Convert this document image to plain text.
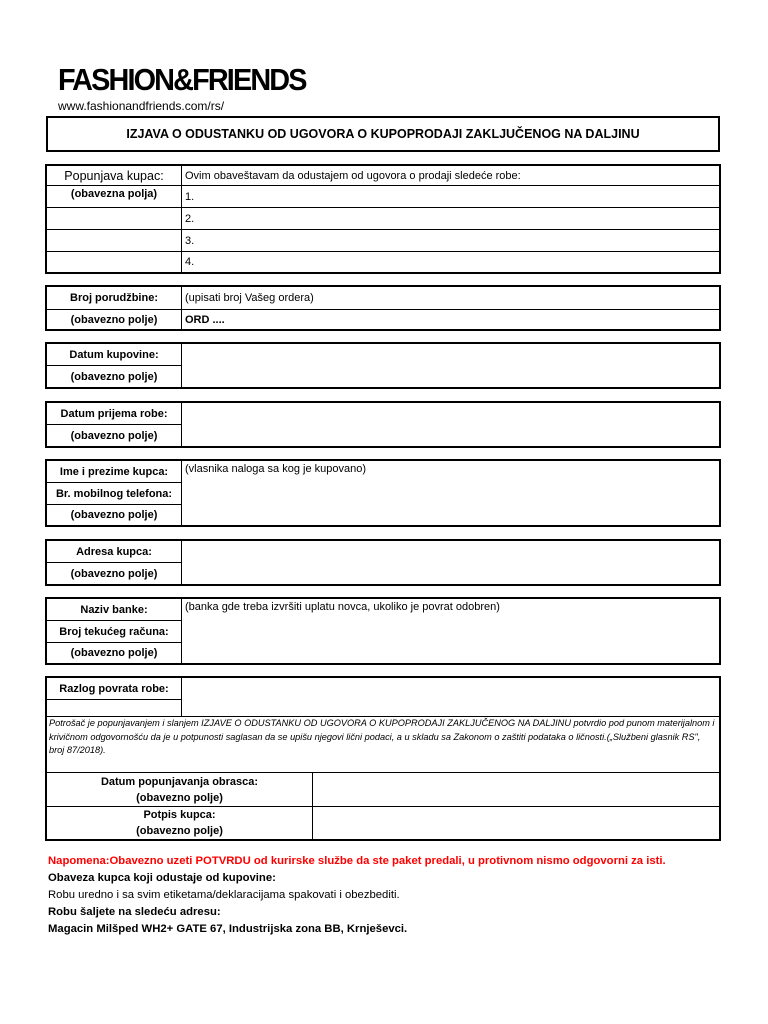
FASHION&FRIENDS
www.fashionandfriends.com/rs/
IZJAVA O ODUSTANKU OD UGOVORA O KUPOPRODAJI ZAKLJUČENOG NA DALJINU
Popunjava kupac:	Ovim obaveštavam da odustajem od ugovora o prodaji sledeće robe:
(obavezna polja)	1.
	2.
	3.
	4.
Broj porudžbine:	(upisati broj Vašeg ordera)
(obavezno polje)	ORD ....
Datum kupovine:	
(obavezno polje)
Datum prijema robe:	
(obavezno polje)
Ime i prezime kupca:	(vlasnika naloga sa kog je kupovano)
Br. mobilnog telefona:
(obavezno polje)
Adresa kupca:	
(obavezno polje)
Naziv banke:	(banka gde treba izvršiti uplatu novca, ukoliko je povrat odobren)
Broj tekućeg računa:
(obavezno polje)
Razlog povrata robe:		

Potrošač je popunjavanjem i slanjem IZJAVE O ODUSTANKU OD UGOVORA O KUPOPRODAJI ZAKLJUČENOG NA DALJINU potvrdio pod punom materijalnom i krivičnom odgovornošću da je u potpunosti saglasan da se upišu njegovi lični podaci, a u skladu sa Zakonom o zaštiti podataka o ličnosti.(„Službeni glasnik RS", broj 87/2018).		

Datum popunjavanja obrasca:
(obavezno polje)		

Potpis kupca:
(obavezno polje)		

Napomena:Obavezno uzeti POTVRDU od kurirske službe da ste paket predali, u protivnom nismo odgovorni za isti.
Obaveza kupca koji odustaje od kupovine:
Robu uredno i sa svim etiketama/deklaracijama spakovati i obezbediti.
Robu šaljete na sledeću adresu:
Magacin Milšped WH2+ GATE 67, Industrijska zona BB, Krnješevci.
